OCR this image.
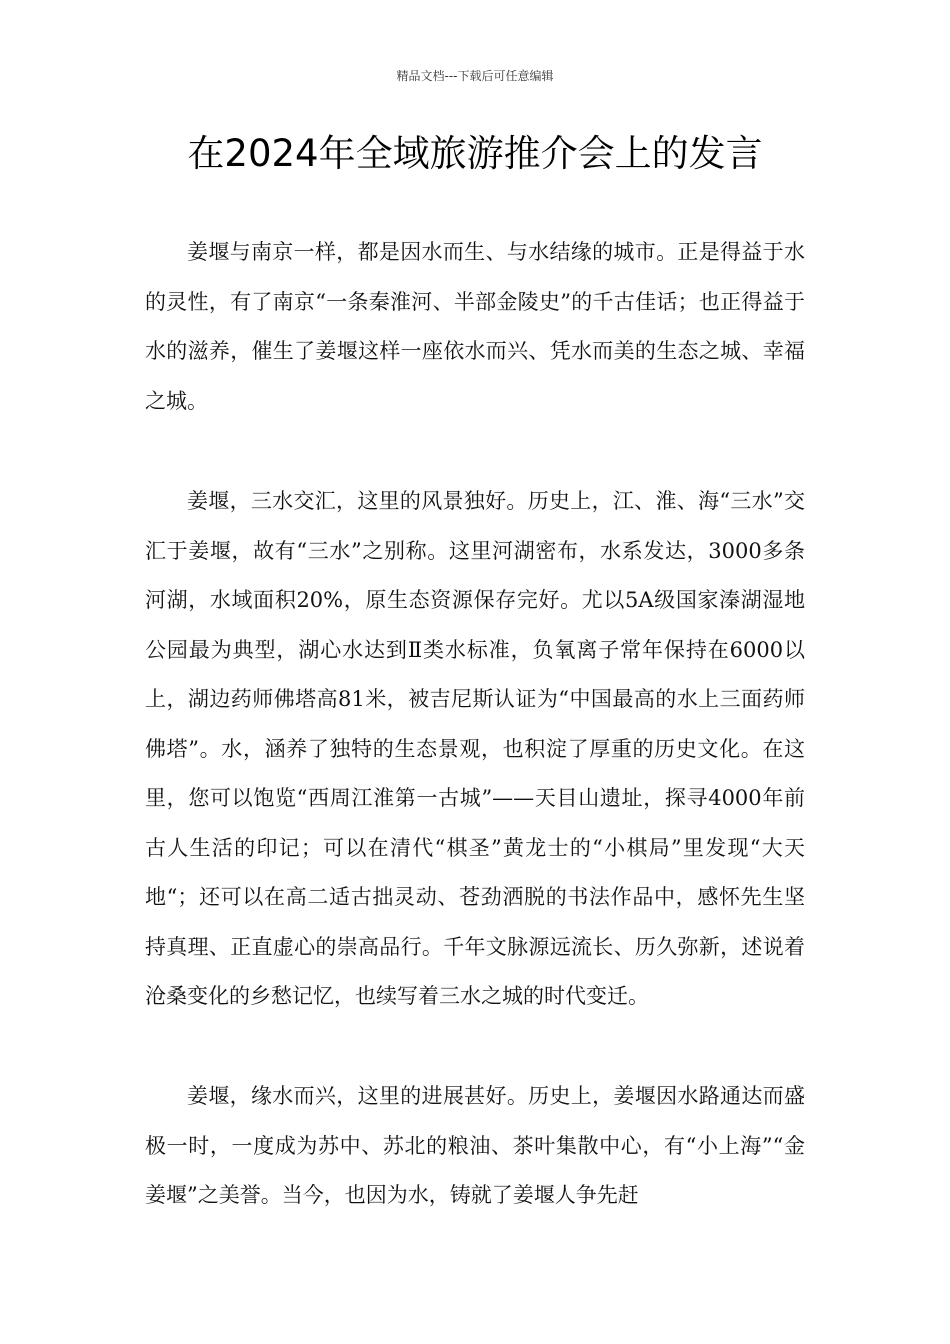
精品文档---下载后可任意编辑
在2024年全域旅游推介会上的发言

姜堰与南京一样，都是因水而生、与水结缘的城市。正是得益于水的灵性，有了南京“一条秦淮河、半部金陵史”的千古佳话；也正得益于水的滋养，催生了姜堰这样一座依水而兴、凭水而美的生态之城、幸福之城。

姜堰，三水交汇，这里的风景独好。历史上，江、淮、海“三水”交汇于姜堰，故有“三水”之别称。这里河湖密布，水系发达，3000多条河湖，水域面积20%，原生态资源保存完好。尤以5A级国家溱湖湿地公园最为典型，湖心水达到Ⅱ类水标准，负氧离子常年保持在6000以上，湖边药师佛塔高81米，被吉尼斯认证为“中国最高的水上三面药师佛塔”。水，涵养了独特的生态景观，也积淀了厚重的历史文化。在这里，您可以饱览“西周江淮第一古城”——天目山遗址，探寻4000年前古人生活的印记；可以在清代“棋圣”黄龙士的“小棋局”里发现“大天地“；还可以在高二适古拙灵动、苍劲洒脱的书法作品中，感怀先生坚持真理、正直虚心的崇高品行。千年文脉源远流长、历久弥新，述说着沧桑变化的乡愁记忆，也续写着三水之城的时代变迁。

姜堰，缘水而兴，这里的进展甚好。历史上，姜堰因水路通达而盛极一时，一度成为苏中、苏北的粮油、茶叶集散中心，有“小上海”“金姜堰”之美誉。当今，也因为水，铸就了姜堰人争先赶
